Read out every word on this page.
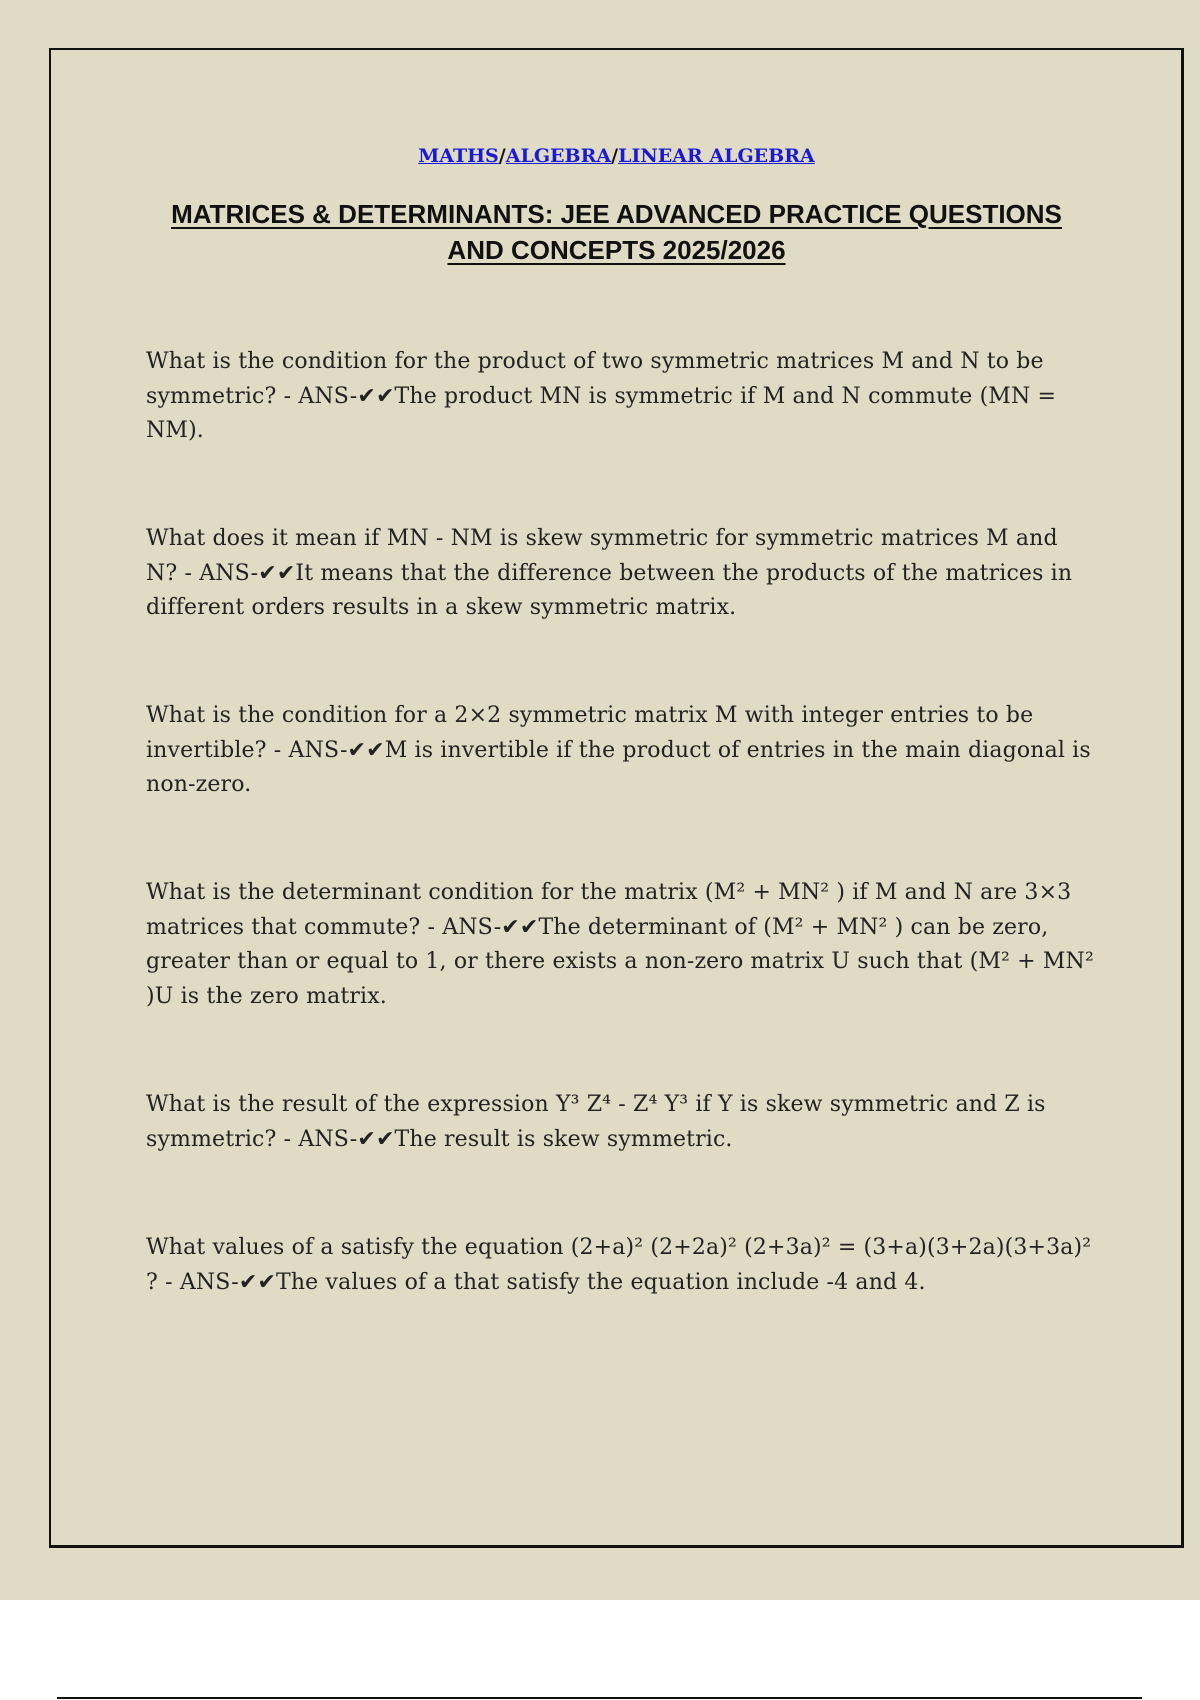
MATHS/ALGEBRA/LINEAR ALGEBRA
MATRICES & DETERMINANTS: JEE ADVANCED PRACTICE QUESTIONS AND CONCEPTS 2025/2026

What is the condition for the product of two symmetric matrices M and N to be symmetric? - ANS-✔✔The product MN is symmetric if M and N commute (MN = NM).

What does it mean if MN - NM is skew symmetric for symmetric matrices M and N? - ANS-✔✔It means that the difference between the products of the matrices in different orders results in a skew symmetric matrix.

What is the condition for a 2×2 symmetric matrix M with integer entries to be invertible? - ANS-✔✔M is invertible if the product of entries in the main diagonal is non-zero.

What is the determinant condition for the matrix (M² + MN² ) if M and N are 3×3 matrices that commute? - ANS-✔✔The determinant of (M² + MN² ) can be zero, greater than or equal to 1, or there exists a non-zero matrix U such that (M² + MN² )U is the zero matrix.

What is the result of the expression Y³ Z⁴ - Z⁴ Y³ if Y is skew symmetric and Z is symmetric? - ANS-✔✔The result is skew symmetric.

What values of a satisfy the equation (2+a)² (2+2a)² (2+3a)² = (3+a)(3+2a)(3+3a)² ? - ANS-✔✔The values of a that satisfy the equation include -4 and 4.
